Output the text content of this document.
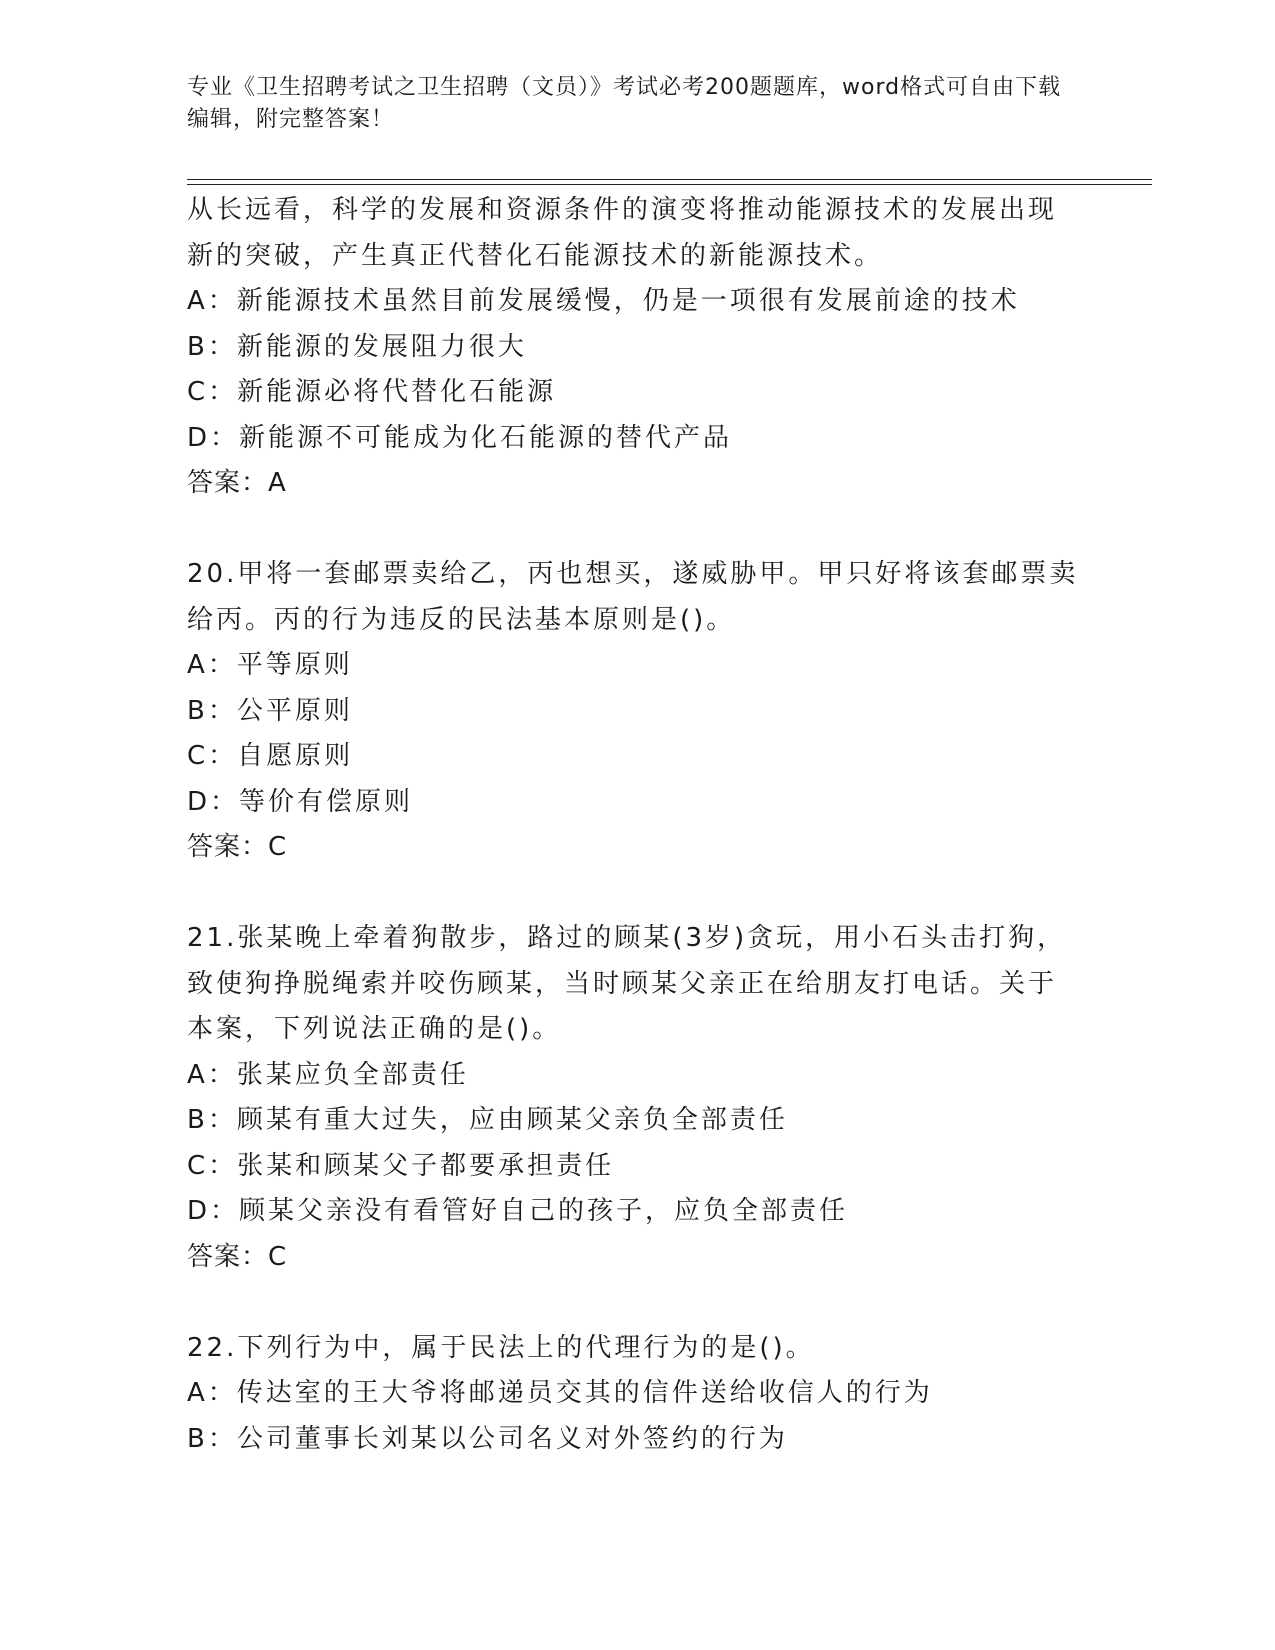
专业《卫生招聘考试之卫生招聘（文员）》考试必考200题题库，word格式可自由下载编辑，附完整答案！
从长远看，科学的发展和资源条件的演变将推动能源技术的发展出现
新的突破，产生真正代替化石能源技术的新能源技术。
A：新能源技术虽然目前发展缓慢，仍是一项很有发展前途的技术
B：新能源的发展阻力很大
C：新能源必将代替化石能源
D：新能源不可能成为化石能源的替代产品
答案：A
20.甲将一套邮票卖给乙，丙也想买，遂威胁甲。甲只好将该套邮票卖
给丙。丙的行为违反的民法基本原则是()。
A：平等原则
B：公平原则
C：自愿原则
D：等价有偿原则
答案：C
21.张某晚上牵着狗散步，路过的顾某(3岁)贪玩，用小石头击打狗，
致使狗挣脱绳索并咬伤顾某，当时顾某父亲正在给朋友打电话。关于
本案，下列说法正确的是()。
A：张某应负全部责任
B：顾某有重大过失，应由顾某父亲负全部责任
C：张某和顾某父子都要承担责任
D：顾某父亲没有看管好自己的孩子，应负全部责任
答案：C
22.下列行为中，属于民法上的代理行为的是()。
A：传达室的王大爷将邮递员交其的信件送给收信人的行为
B：公司董事长刘某以公司名义对外签约的行为
